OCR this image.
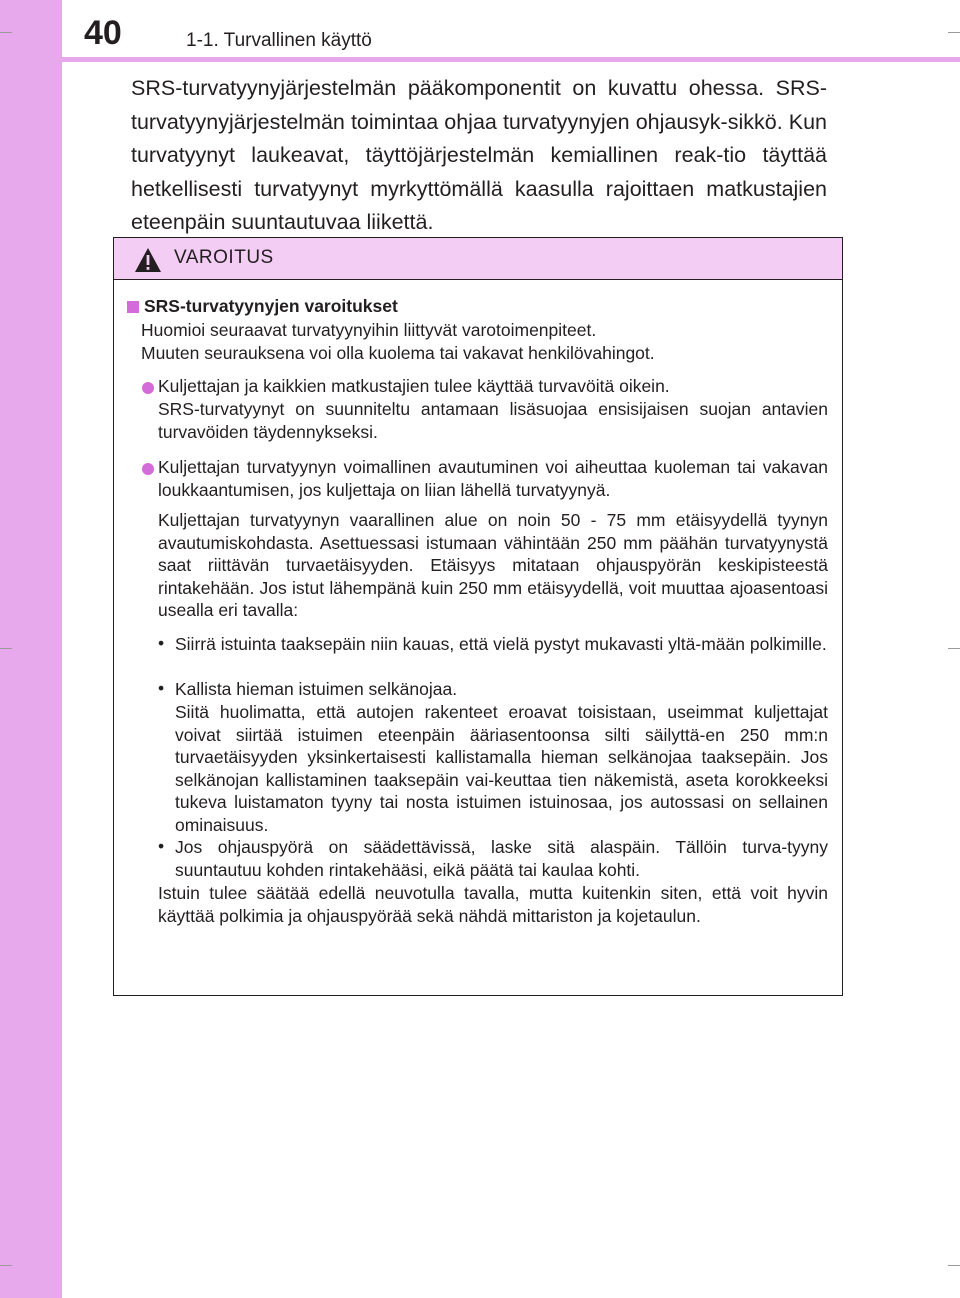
40	1-1. Turvallinen käyttö

SRS-turvatyynyjärjestelmän pääkomponentit on kuvattu ohessa. SRS-turvatyynyjärjestelmän toimintaa ohjaa turvatyynyjen ohjausyk-sikkö. Kun turvatyynyt laukeavat, täyttöjärjestelmän kemiallinen reak-tio täyttää hetkellisesti turvatyynyt myrkyttömällä kaasulla rajoittaen matkustajien eteenpäin suuntautuvaa liikettä.

VAROITUS
SRS-turvatyynyjen varoitukset

Huomioi seuraavat turvatyynyihin liittyvät varotoimenpiteet.

Muuten seurauksena voi olla kuolema tai vakavat henkilövahingot.

Kuljettajan ja kaikkien matkustajien tulee käyttää turvavöitä oikein.

SRS-turvatyynyt on suunniteltu antamaan lisäsuojaa ensisijaisen suojan antavien turvavöiden täydennykseksi.

Kuljettajan turvatyynyn voimallinen avautuminen voi aiheuttaa kuoleman tai vakavan loukkaantumisen, jos kuljettaja on liian lähellä turvatyynyä.

Kuljettajan turvatyynyn vaarallinen alue on noin 50 - 75 mm etäisyydellä tyynyn avautumiskohdasta. Asettuessasi istumaan vähintään 250 mm päähän turvatyynystä saat riittävän turvaetäisyyden. Etäisyys mitataan ohjauspyörän keskipisteestä rintakehään. Jos istut lähempänä kuin 250 mm etäisyydellä, voit muuttaa ajoasentoasi usealla eri tavalla:

• Siirrä istuinta taaksepäin niin kauas, että vielä pystyt mukavasti yltä-mään polkimille.

• Kallista hieman istuimen selkänojaa.

Siitä huolimatta, että autojen rakenteet eroavat toisistaan, useimmat kuljettajat voivat siirtää istuimen eteenpäin ääriasentoonsa silti säilyttä-en 250 mm:n turvaetäisyyden yksinkertaisesti kallistamalla hieman selkänojaa taaksepäin. Jos selkänojan kallistaminen taaksepäin vai-keuttaa tien näkemistä, aseta korokkeeksi tukeva luistamaton tyyny tai nosta istuimen istuinosaa, jos autossasi on sellainen ominaisuus.

• Jos ohjauspyörä on säädettävissä, laske sitä alaspäin. Tällöin turva-tyyny suuntautuu kohden rintakehääsi, eikä päätä tai kaulaa kohti.

Istuin tulee säätää edellä neuvotulla tavalla, mutta kuitenkin siten, että voit hyvin käyttää polkimia ja ohjauspyörää sekä nähdä mittariston ja kojetaulun.
